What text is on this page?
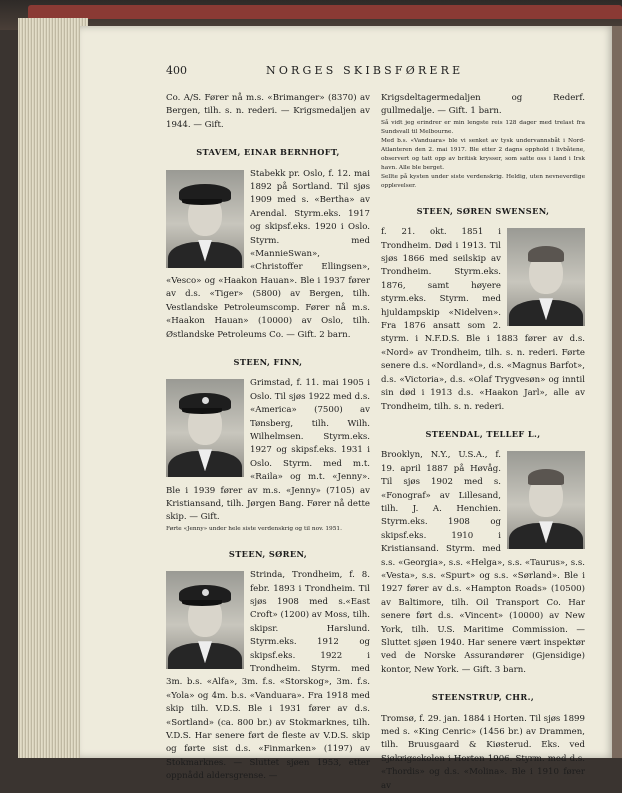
400	NORGES SKIBSFØRERE

Co. A/S. Fører nå m.s. «Brimanger» (8370) av Bergen, tilh. s. n. rederi. — Krigsmedaljen av 1944. — Gift.

STAVEM, EINAR BERNHOFT,

Stabekk pr. Oslo, f. 12. mai 1892 på Sortland. Til sjøs 1909 med s. «Bertha» av Arendal. Styrm.eks. 1917 og skipsf.eks. 1920 i Oslo. Styrm. med «MannieSwan», «Christoffer Ellingsen», «Vesco» og «Haakon Hauan». Ble i 1937 fører av d.s. «Tiger» (5800) av Bergen, tilh. Vestlandske Petroleumscomp. Fører nå m.s. «Haakon Hauan» (10000) av Oslo, tilh. Østlandske Petroleums Co. — Gift. 2 barn.

STEEN, FINN,

Grimstad, f. 11. mai 1905 i Oslo. Til sjøs 1922 med d.s. «America» (7500) av Tønsberg, tilh. Wilh. Wilhelmsen. Styrm.eks. 1927 og skipsf.eks. 1931 i Oslo. Styrm. med m.t. «Raila» og m.t. «Jenny». Ble i 1939 fører av m.s. «Jenny» (7105) av Kristiansand, tilh. Jørgen Bang. Fører nå dette skip. — Gift.

Førte «Jenny» under hele siste verdenskrig og til nov. 1951.

STEEN, SØREN,

Strinda, Trondheim, f. 8. febr. 1893 i Trondheim. Til sjøs 1908 med s.«East Croft» (1200) av Moss, tilh. skipsr. Harslund. Styrm.eks. 1912 og skipsf.eks. 1922 i Trondheim. Styrm. med 3m. b.s. «Alfa», 3m. f.s. «Storskog», 3m. f.s. «Yola» og 4m. b.s. «Vanduara». Fra 1918 med skip tilh. V.D.S. Ble i 1931 fører av d.s. «Sortland» (ca. 800 br.) av Stokmarknes, tilh. V.D.S. Har senere ført de fleste av V.D.S. skip og førte sist d.s. «Finmarken» (1197) av Stokmarknes. — Sluttet sjøen 1953, etter oppnådd aldersgrense. —

Krigsdeltagermedaljen og Rederf. gullmedalje. — Gift. 1 barn.

Så vidt jeg erindrer er min lengste reis 128 dager med trelast fra Sundsvall til Melbourne.

Med b.s. «Vanduara» ble vi senket av tysk undervannsbåt i Nord-Atlanteren den 2. mai 1917. Ble etter 2 dagns opphold i livbåtene, observert og tatt opp av britisk krysser, som satte oss i land i Irsk havn. Alle ble berget.

Sellte på kysten under siste verdenskrig. Heldig, uten nevneverdige opplevelser.

STEEN, SØREN SWENSEN,

f. 21. okt. 1851 i Trondheim. Død i 1913. Til sjøs 1866 med seilskip av Trondheim. Styrm.eks. 1876, samt høyere styrm.eks. Styrm. med hjuldampskip «Nidelven». Fra 1876 ansatt som 2. styrm. i N.F.D.S. Ble i 1883 fører av d.s. «Nord» av Trondheim, tilh. s. n. rederi. Førte senere d.s. «Nordland», d.s. «Magnus Barfot», d.s. «Victoria», d.s. «Olaf Trygvesøn» og inntil sin død i 1913 d.s. «Haakon Jarl», alle av Trondheim, tilh. s. n. rederi.

STEENDAL, TELLEF L.,

Brooklyn, N.Y., U.S.A., f. 19. april 1887 på Høvåg. Til sjøs 1902 med s. «Fonograf» av Lillesand, tilh. J. A. Henchien. Styrm.eks. 1908 og skipsf.eks. 1910 i Kristiansand. Styrm. med s.s. «Georgia», s.s. «Helga», s.s. «Taurus», s.s. «Vesta», s.s. «Spurt» og s.s. «Sørland». Ble i 1927 fører av d.s. «Hampton Roads» (10500) av Baltimore, tilh. Oil Transport Co. Har senere ført d.s. «Vincent» (10000) av New York, tilh. U.S. Maritime Commission. — Sluttet sjøen 1940. Har senere vært inspektør ved de Norske Assurandører (Gjensidige) kontor, New York. — Gift. 3 barn.

STEENSTRUP, CHR.,

Tromsø, f. 29. jan. 1884 i Horten. Til sjøs 1899 med s. «King Cenric» (1456 br.) av Drammen, tilh. Bruusgaard & Kiøsterud. Eks. ved Sjøkrigsskolen i Horten 1906. Styrm. med d.s. «Thordis» og d.s. «Molina». Ble i 1910 fører av
